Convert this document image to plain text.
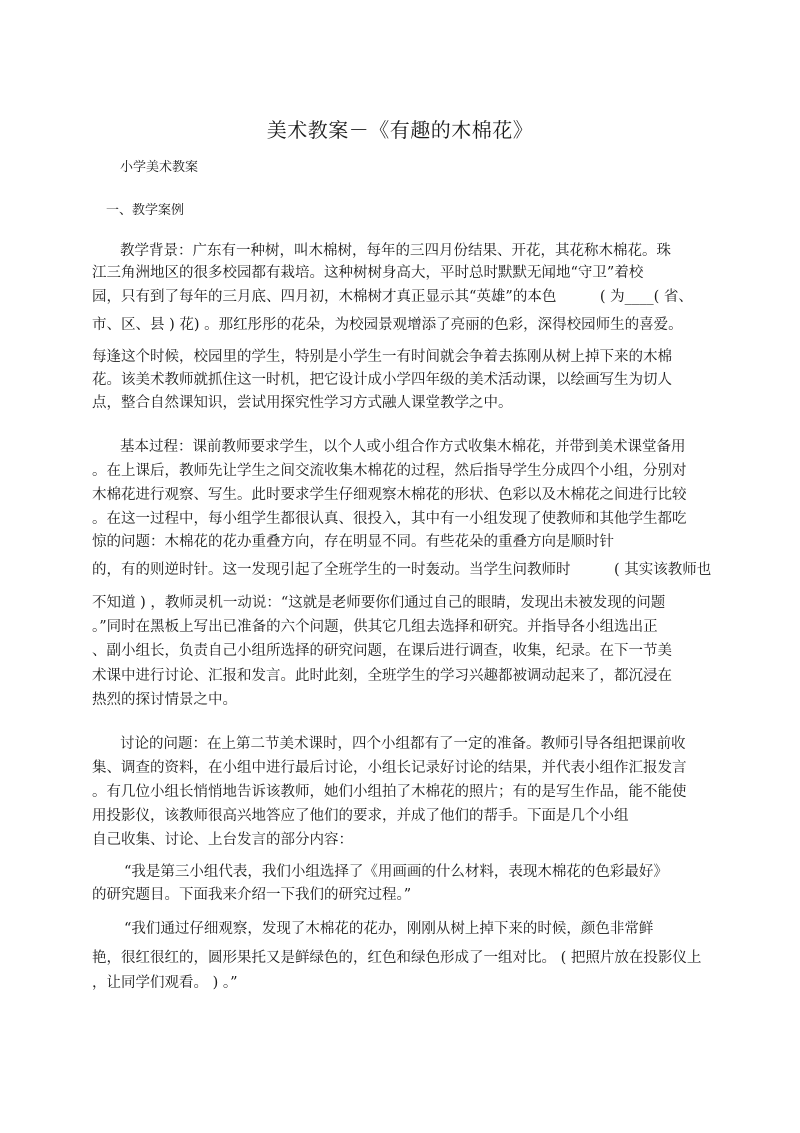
美术教案－《有趣的木棉花》
小学美术教案
一、教学案例
教学背景：广东有一种树，叫木棉树，每年的三四月份结果、开花，其花称木棉花。珠
江三角洲地区的很多校园都有栽培。这种树树身高大，平时总时默默无闻地“守卫”着校
园，只有到了每年的三月底、四月初，木棉树才真正显示其“英雄”的本色　　　( 为____( 省、
市、区、县 ) 花) 。那红彤彤的花朵，为校园景观增添了亮丽的色彩，深得校园师生的喜爱。
每逢这个时候，校园里的学生，特别是小学生一有时间就会争着去拣刚从树上掉下来的木棉
花。该美术教师就抓住这一时机，把它设计成小学四年级的美术活动课，以绘画写生为切人
点，整合自然课知识，尝试用探究性学习方式融人课堂教学之中。
基本过程：课前教师要求学生，以个人或小组合作方式收集木棉花，并带到美术课堂备用
。在上课后，教师先让学生之间交流收集木棉花的过程，然后指导学生分成四个小组，分别对
木棉花进行观察、写生。此时要求学生仔细观察木棉花的形状、色彩以及木棉花之间进行比较
。在这一过程中，每小组学生都很认真、很投入，其中有一小组发现了使教师和其他学生都吃
惊的问题：木棉花的花办重叠方向，存在明显不同。有些花朵的重叠方向是顺时针
的，有的则逆时针。这一发现引起了全班学生的一时轰动。当学生问教师时　　　( 其实该教师也
不知道 ) ，教师灵机一动说：“这就是老师要你们通过自己的眼睛，发现出未被发现的问题
。”同时在黑板上写出已准备的六个问题，供其它几组去选择和研究。并指导各小组选出正
、副小组长，负责自己小组所选择的研究问题，在课后进行调查，收集，纪录。在下一节美
术课中进行讨论、汇报和发言。此时此刻，全班学生的学习兴趣都被调动起来了，都沉浸在
热烈的探讨情景之中。
讨论的问题：在上第二节美术课时，四个小组都有了一定的准备。教师引导各组把课前收
集、调查的资料，在小组中进行最后讨论，小组长记录好讨论的结果，并代表小组作汇报发言
。有几位小组长悄悄地告诉该教师，她们小组拍了木棉花的照片；有的是写生作品，能不能使
用投影仪，该教师很高兴地答应了他们的要求，并成了他们的帮手。下面是几个小组
自己收集、讨论、上台发言的部分内容：
“我是第三小组代表，我们小组选择了《用画画的什么材料，表现木棉花的色彩最好》
的研究题目。下面我来介绍一下我们的研究过程。”
“我们通过仔细观察，发现了木棉花的花办，刚刚从树上掉下来的时候，颜色非常鲜
艳，很红很红的，圆形果托又是鲜绿色的，红色和绿色形成了一组对比。 ( 把照片放在投影仪上
，让同学们观看。 ) 。”
